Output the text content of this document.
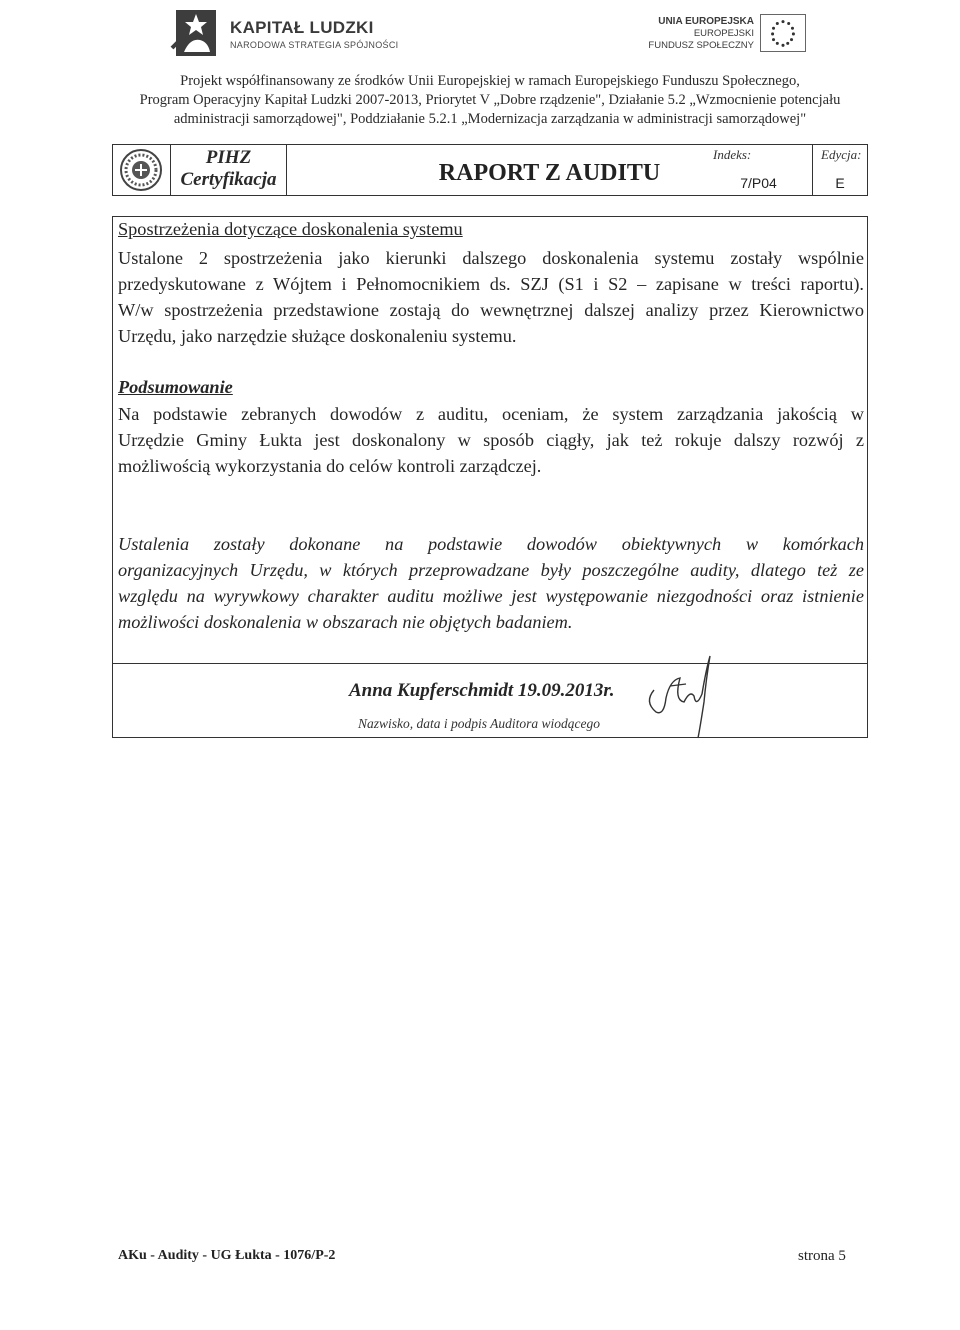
KAPITAŁ LUDZKI
NARODOWA STRATEGIA SPÓJNOŚCI
UNIA EUROPEJSKA
EUROPEJSKI
FUNDUSZ SPOŁECZNY
Projekt współfinansowany ze środków Unii Europejskiej w ramach Europejskiego Funduszu Społecznego,
Program Operacyjny Kapitał Ludzki 2007-2013, Priorytet V „Dobre rządzenie", Działanie 5.2 „Wzmocnienie potencjału
administracji samorządowej", Poddziałanie 5.2.1 „Modernizacja zarządzania w administracji samorządowej"
PIHZ
Certyfikacja	RAPORT Z AUDITU
Indeks:
7/P04
Edycja:
E
Spostrzeżenia dotyczące doskonalenia systemu
Ustalone 2 spostrzeżenia jako kierunki dalszego doskonalenia systemu zostały wspólnie
przedyskutowane z Wójtem i Pełnomocnikiem ds. SZJ (S1 i S2 – zapisane w treści raportu).
W/w spostrzeżenia przedstawione zostają do wewnętrznej dalszej analizy przez Kierownictwo
Urzędu, jako narzędzie służące doskonaleniu systemu.
Podsumowanie
Na podstawie zebranych dowodów z auditu, oceniam, że system zarządzania jakością w
Urzędzie Gminy Łukta jest doskonalony w sposób ciągły, jak też rokuje dalszy rozwój z
możliwością wykorzystania do celów kontroli zarządczej.
Ustalenia zostały dokonane na podstawie dowodów obiektywnych w komórkach
organizacyjnych Urzędu, w których przeprowadzane były poszczególne audity, dlatego też ze
względu na wyrywkowy charakter auditu możliwe jest występowanie niezgodności oraz istnienie
możliwości doskonalenia w obszarach nie objętych badaniem.
Anna Kupferschmidt 19.09.2013r.
Nazwisko, data i podpis Auditora wiodącego
AKu - Audity - UG Łukta - 1076/P-2	strona 5
